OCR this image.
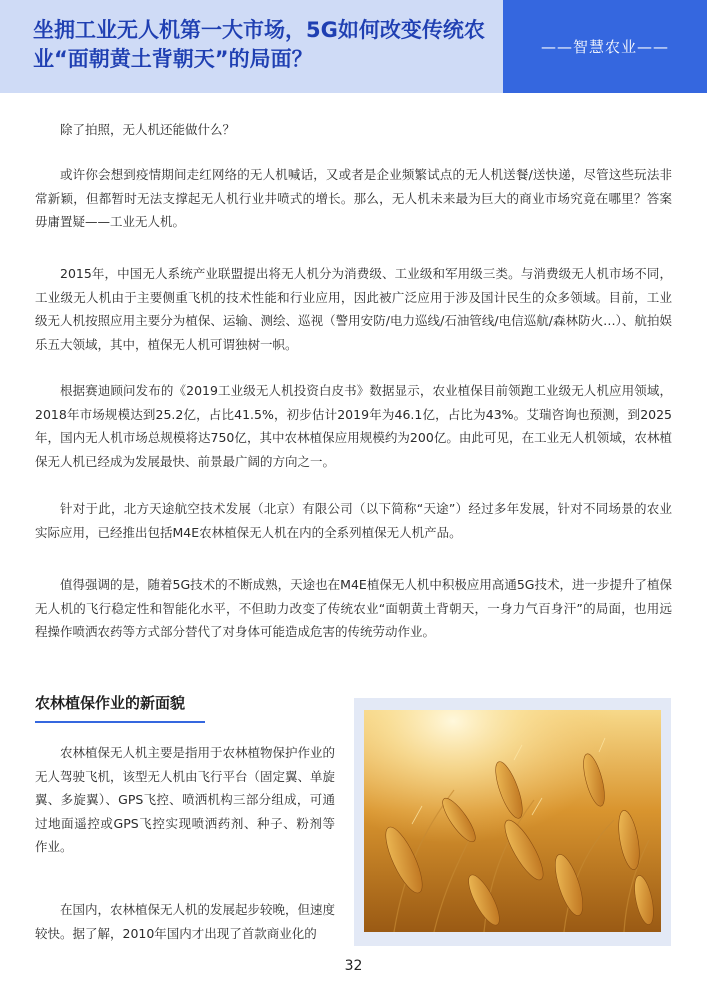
坐拥工业无人机第一大市场，5G如何改变传统农业“面朝黄土背朝天”的局面？	——智慧农业——

除了拍照，无人机还能做什么？

或许你会想到疫情期间走红网络的无人机喊话，又或者是企业频繁试点的无人机送餐/送快递，尽管这些玩法非常新颖，但都暂时无法支撑起无人机行业井喷式的增长。那么，无人机未来最为巨大的商业市场究竟在哪里？答案毋庸置疑——工业无人机。

2015年，中国无人系统产业联盟提出将无人机分为消费级、工业级和军用级三类。与消费级无人机市场不同，工业级无人机由于主要侧重飞机的技术性能和行业应用，因此被广泛应用于涉及国计民生的众多领域。目前，工业级无人机按照应用主要分为植保、运输、测绘、巡视（警用安防/电力巡线/石油管线/电信巡航/森林防火…）、航拍娱乐五大领域，其中，植保无人机可谓独树一帜。

根据赛迪顾问发布的《2019工业级无人机投资白皮书》数据显示，农业植保目前领跑工业级无人机应用领域，2018年市场规模达到25.2亿，占比41.5%，初步估计2019年为46.1亿，占比为43%。艾瑞咨询也预测，到2025年，国内无人机市场总规模将达750亿，其中农林植保应用规模约为200亿。由此可见，在工业无人机领域，农林植保无人机已经成为发展最快、前景最广阔的方向之一。

针对于此，北方天途航空技术发展（北京）有限公司（以下简称“天途”）经过多年发展，针对不同场景的农业实际应用，已经推出包括M4E农林植保无人机在内的全系列植保无人机产品。

值得强调的是，随着5G技术的不断成熟，天途也在M4E植保无人机中积极应用高通5G技术，进一步提升了植保无人机的飞行稳定性和智能化水平，不但助力改变了传统农业“面朝黄土背朝天，一身力气百身汗”的局面，也用远程操作喷洒农药等方式部分替代了对身体可能造成危害的传统劳动作业。

农林植保作业的新面貌

农林植保无人机主要是指用于农林植物保护作业的无人驾驶飞机，该型无人机由飞行平台（固定翼、单旋翼、多旋翼）、GPS飞控、喷洒机构三部分组成，可通过地面遥控或GPS飞控实现喷洒药剂、种子、粉剂等作业。

在国内，农林植保无人机的发展起步较晚，但速度较快。据了解，2010年国内才出现了首款商业化的

32
